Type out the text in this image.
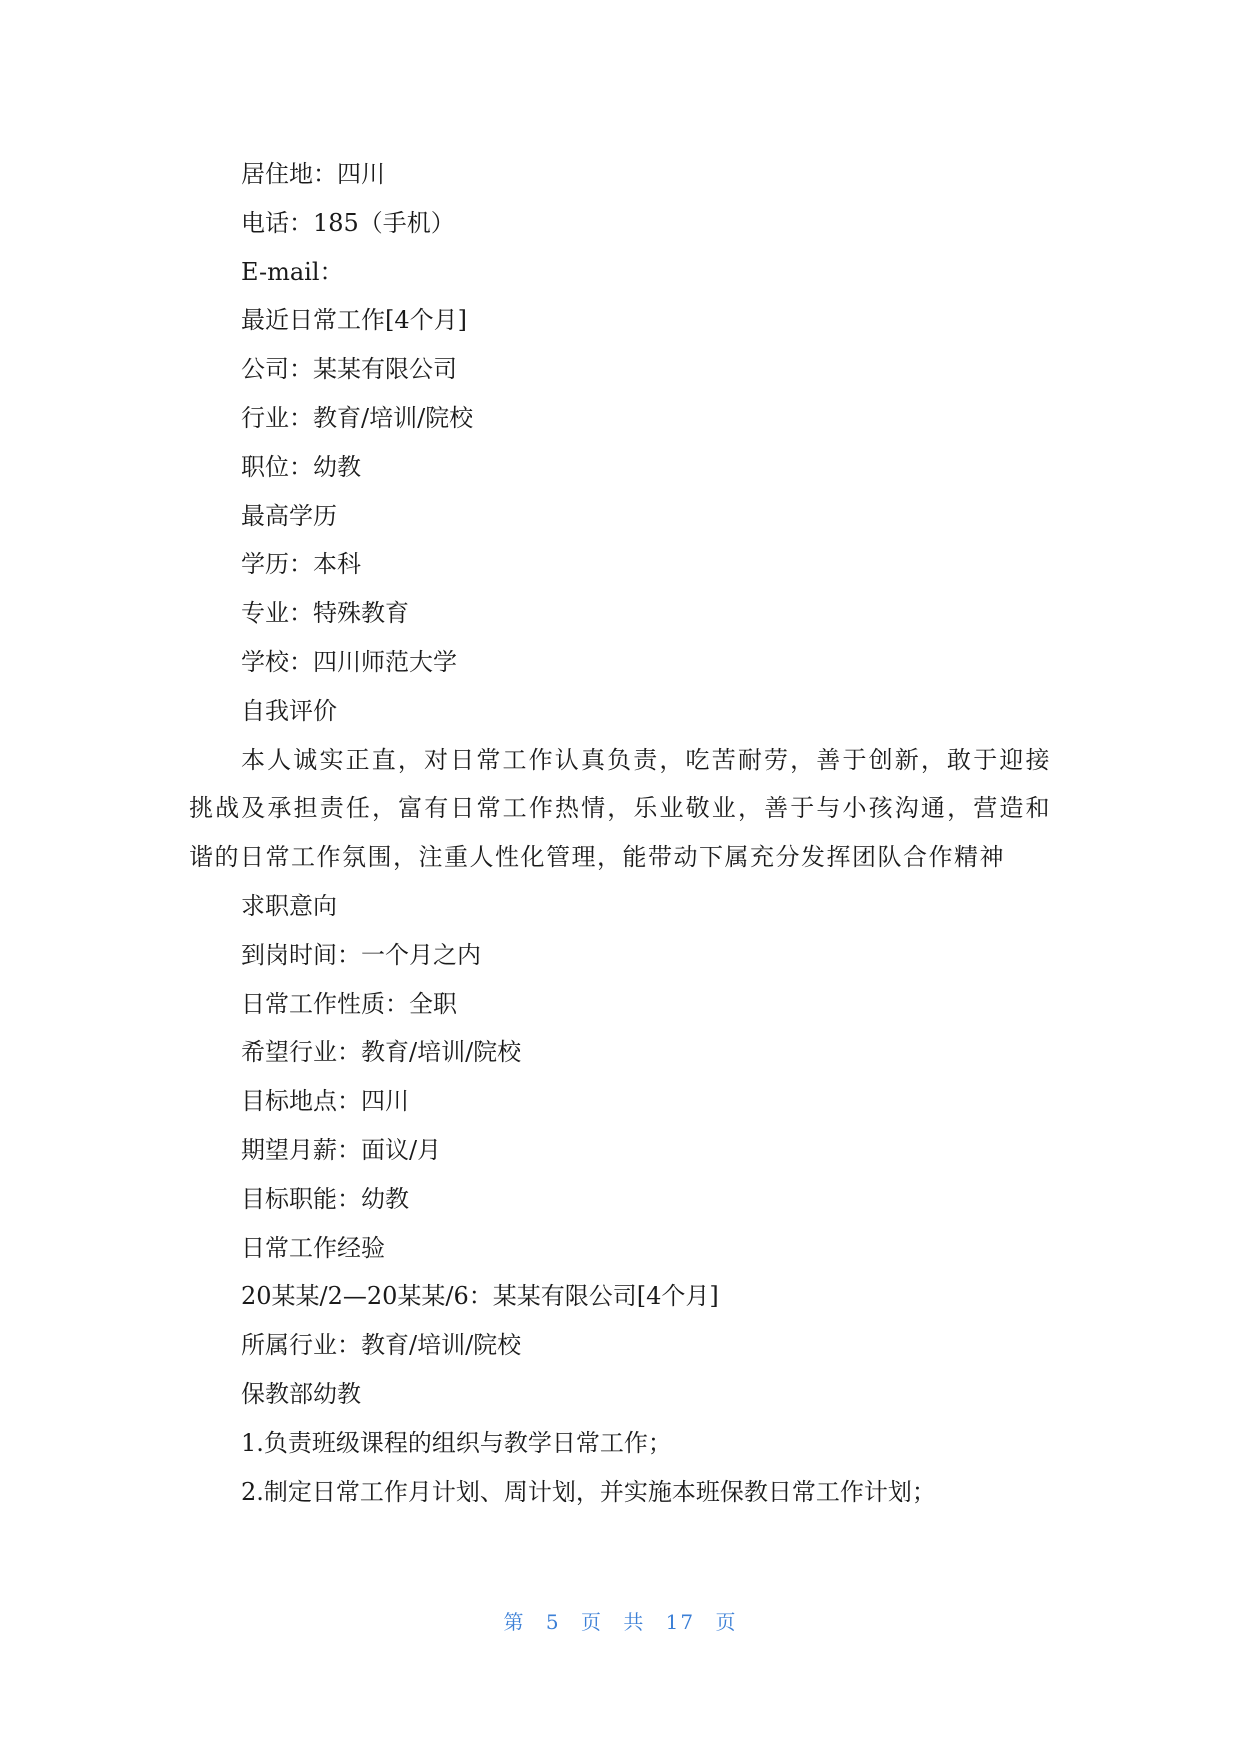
居住地：四川
电话：185（手机）
E-mail：
最近日常工作[4个月]
公司：某某有限公司
行业：教育/培训/院校
职位：幼教
最高学历
学历：本科
专业：特殊教育
学校：四川师范大学
自我评价
本人诚实正直，对日常工作认真负责，吃苦耐劳，善于创新，敢于迎接挑战及承担责任，富有日常工作热情，乐业敬业，善于与小孩沟通，营造和谐的日常工作氛围，注重人性化管理，能带动下属充分发挥团队合作精神
求职意向
到岗时间：一个月之内
日常工作性质：全职
希望行业：教育/培训/院校
目标地点：四川
期望月薪：面议/月
目标职能：幼教
日常工作经验
20某某/2—20某某/6：某某有限公司[4个月]
所属行业：教育/培训/院校
保教部幼教
1.负责班级课程的组织与教学日常工作；
2.制定日常工作月计划、周计划，并实施本班保教日常工作计划；
第 5 页 共 17 页
